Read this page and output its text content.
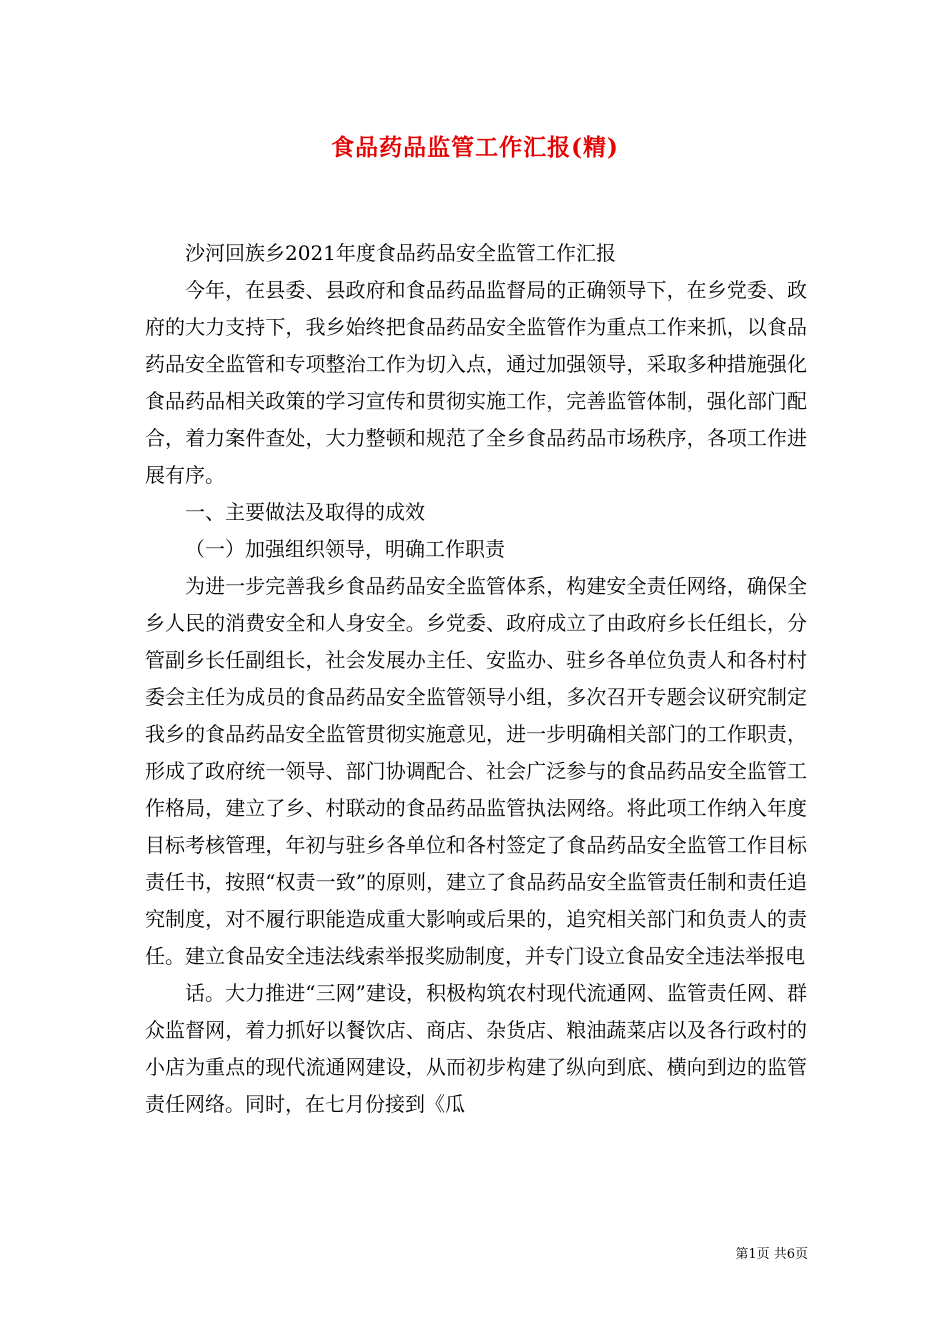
食品药品监管工作汇报(精)

沙河回族乡2021年度食品药品安全监管工作汇报

今年，在县委、县政府和食品药品监督局的正确领导下，在乡党委、政府的大力支持下，我乡始终把食品药品安全监管作为重点工作来抓，以食品药品安全监管和专项整治工作为切入点，通过加强领导，采取多种措施强化食品药品相关政策的学习宣传和贯彻实施工作，完善监管体制，强化部门配合，着力案件查处，大力整顿和规范了全乡食品药品市场秩序，各项工作进展有序。

一、主要做法及取得的成效

（一）加强组织领导，明确工作职责

为进一步完善我乡食品药品安全监管体系，构建安全责任网络，确保全乡人民的消费安全和人身安全。乡党委、政府成立了由政府乡长任组长，分管副乡长任副组长，社会发展办主任、安监办、驻乡各单位负责人和各村村委会主任为成员的食品药品安全监管领导小组，多次召开专题会议研究制定我乡的食品药品安全监管贯彻实施意见，进一步明确相关部门的工作职责，形成了政府统一领导、部门协调配合、社会广泛参与的食品药品安全监管工作格局，建立了乡、村联动的食品药品监管执法网络。将此项工作纳入年度目标考核管理，年初与驻乡各单位和各村签定了食品药品安全监管工作目标责任书，按照“权责一致”的原则，建立了食品药品安全监管责任制和责任追究制度，对不履行职能造成重大影响或后果的，追究相关部门和负责人的责任。建立食品安全违法线索举报奖励制度，并专门设立食品安全违法举报电

话。大力推进“三网”建设，积极构筑农村现代流通网、监管责任网、群众监督网，着力抓好以餐饮店、商店、杂货店、粮油蔬菜店以及各行政村的小店为重点的现代流通网建设，从而初步构建了纵向到底、横向到边的监管责任网络。同时，在七月份接到《瓜

第1页 共6页
